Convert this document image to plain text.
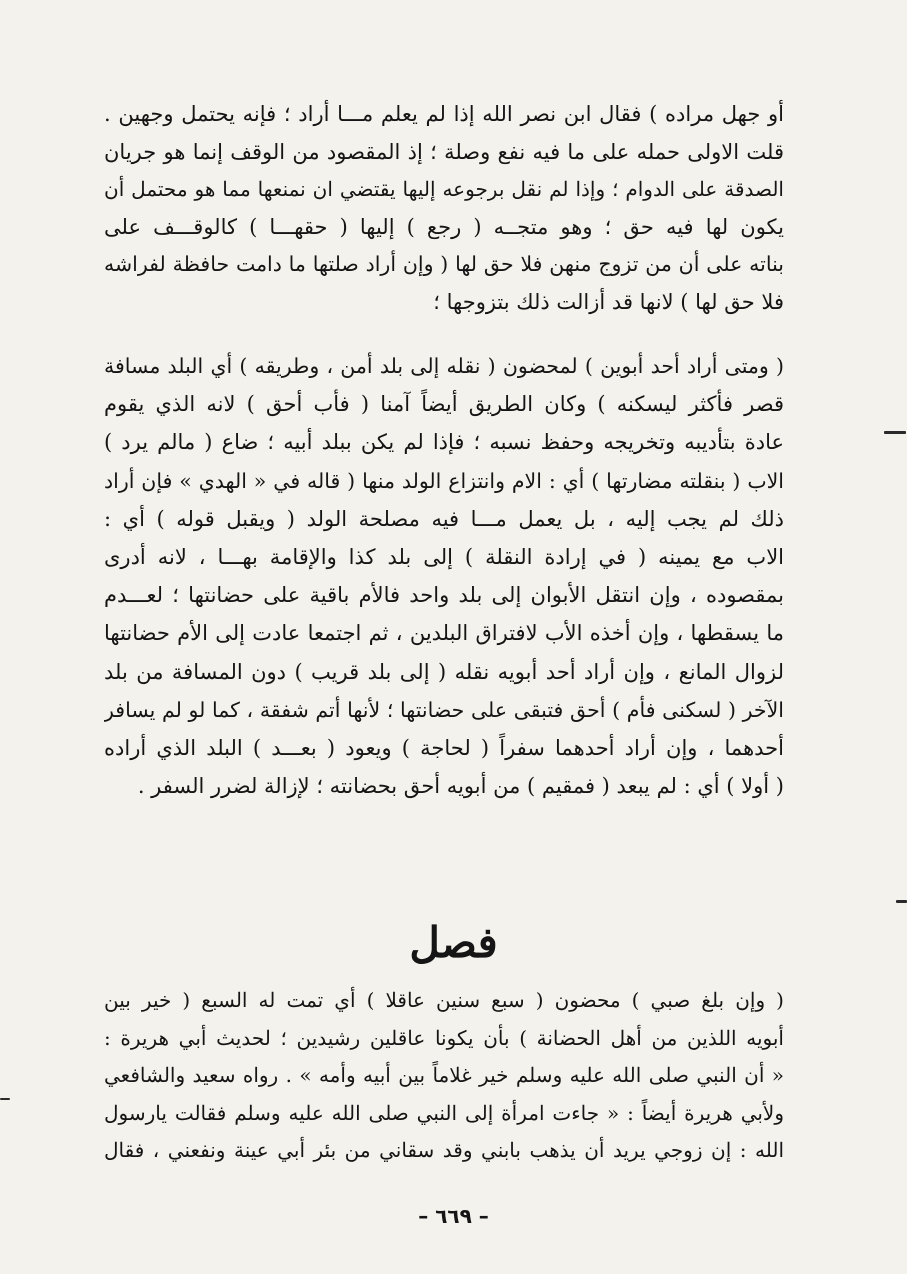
أو جهل مراده ) فقال ابن نصر الله إذا لم يعلم مـــا أراد ؛ فإنه يحتمل وجهين .
قلت الاولى حمله على ما فيه نفع وصلة ؛ إذ المقصود من الوقف إنما هو جريان
الصدقة على الدوام ؛ وإذا لم نقل برجوعه إليها يقتضي ان نمنعها مما هو محتمل أن
يكون لها فيه حق ؛ وهو متجــه ( رجع ) إليها ( حقهـــا ) كالوقـــف على
بناته على أن من تزوج منهن فلا حق لها ( وإن أراد صلتها ما دامت حافظة لفراشه
فلا حق لها ) لانها قد أزالت ذلك بتزوجها ؛
( ومتى أراد أحد أبوين ) لمحضون ( نقله إلى بلد أمن ، وطريقه ) أي البلد مسافة
قصر فأكثر ليسكنه ) وكان الطريق أيضاً آمنا ( فأب أحق ) لانه الذي يقوم
عادة بتأديبه وتخريجه وحفظ نسبه ؛ فإذا لم يكن ببلد أبيه ؛ ضاع ( مالم يرد )
الاب ( بنقلته مضارتها ) أي : الام وانتزاع الولد منها ( قاله في « الهدي » فإن أراد
ذلك لم يجب إليه ، بل يعمل مـــا فيه مصلحة الولد ( ويقبل قوله ) أي :
الاب مع يمينه ( في إرادة النقلة ) إلى بلد كذا والإقامة بهـــا ، لانه أدرى
بمقصوده ، وإن انتقل الأبوان إلى بلد واحد فالأم باقية على حضانتها ؛ لعـــدم
ما يسقطها ، وإن أخذه الأب لافتراق البلدين ، ثم اجتمعا عادت إلى الأم حضانتها
لزوال المانع ، وإن أراد أحد أبويه نقله ( إلى بلد قريب ) دون المسافة من بلد
الآخر ( لسكنى فأم ) أحق فتبقى على حضانتها ؛ لأنها أتم شفقة ، كما لو لم يسافر
أحدهما ، وإن أراد أحدهما سفراً ( لحاجة ) ويعود ( بعـــد ) البلد الذي أراده
( أولا ) أي : لم يبعد ( فمقيم ) من أبويه أحق بحضانته ؛ لإزالة لضرر السفر .
فصل
( وإن بلغ صبي ) محضون ( سبع سنين عاقلا ) أي تمت له السبع ( خير بين
أبويه اللذين من أهل الحضانة ) بأن يكونا عاقلين رشيدين ؛ لحديث أبي هريرة :
« أن النبي صلى الله عليه وسلم خير غلاماً بين أبيه وأمه » . رواه سعيد والشافعي
ولأبي هريرة أيضاً : « جاءت امرأة إلى النبي صلى الله عليه وسلم فقالت يارسول
الله : إن زوجي يريد أن يذهب بابني وقد سقاني من بئر أبي عينة ونفعني ، فقال
– ٦٦٩ –
